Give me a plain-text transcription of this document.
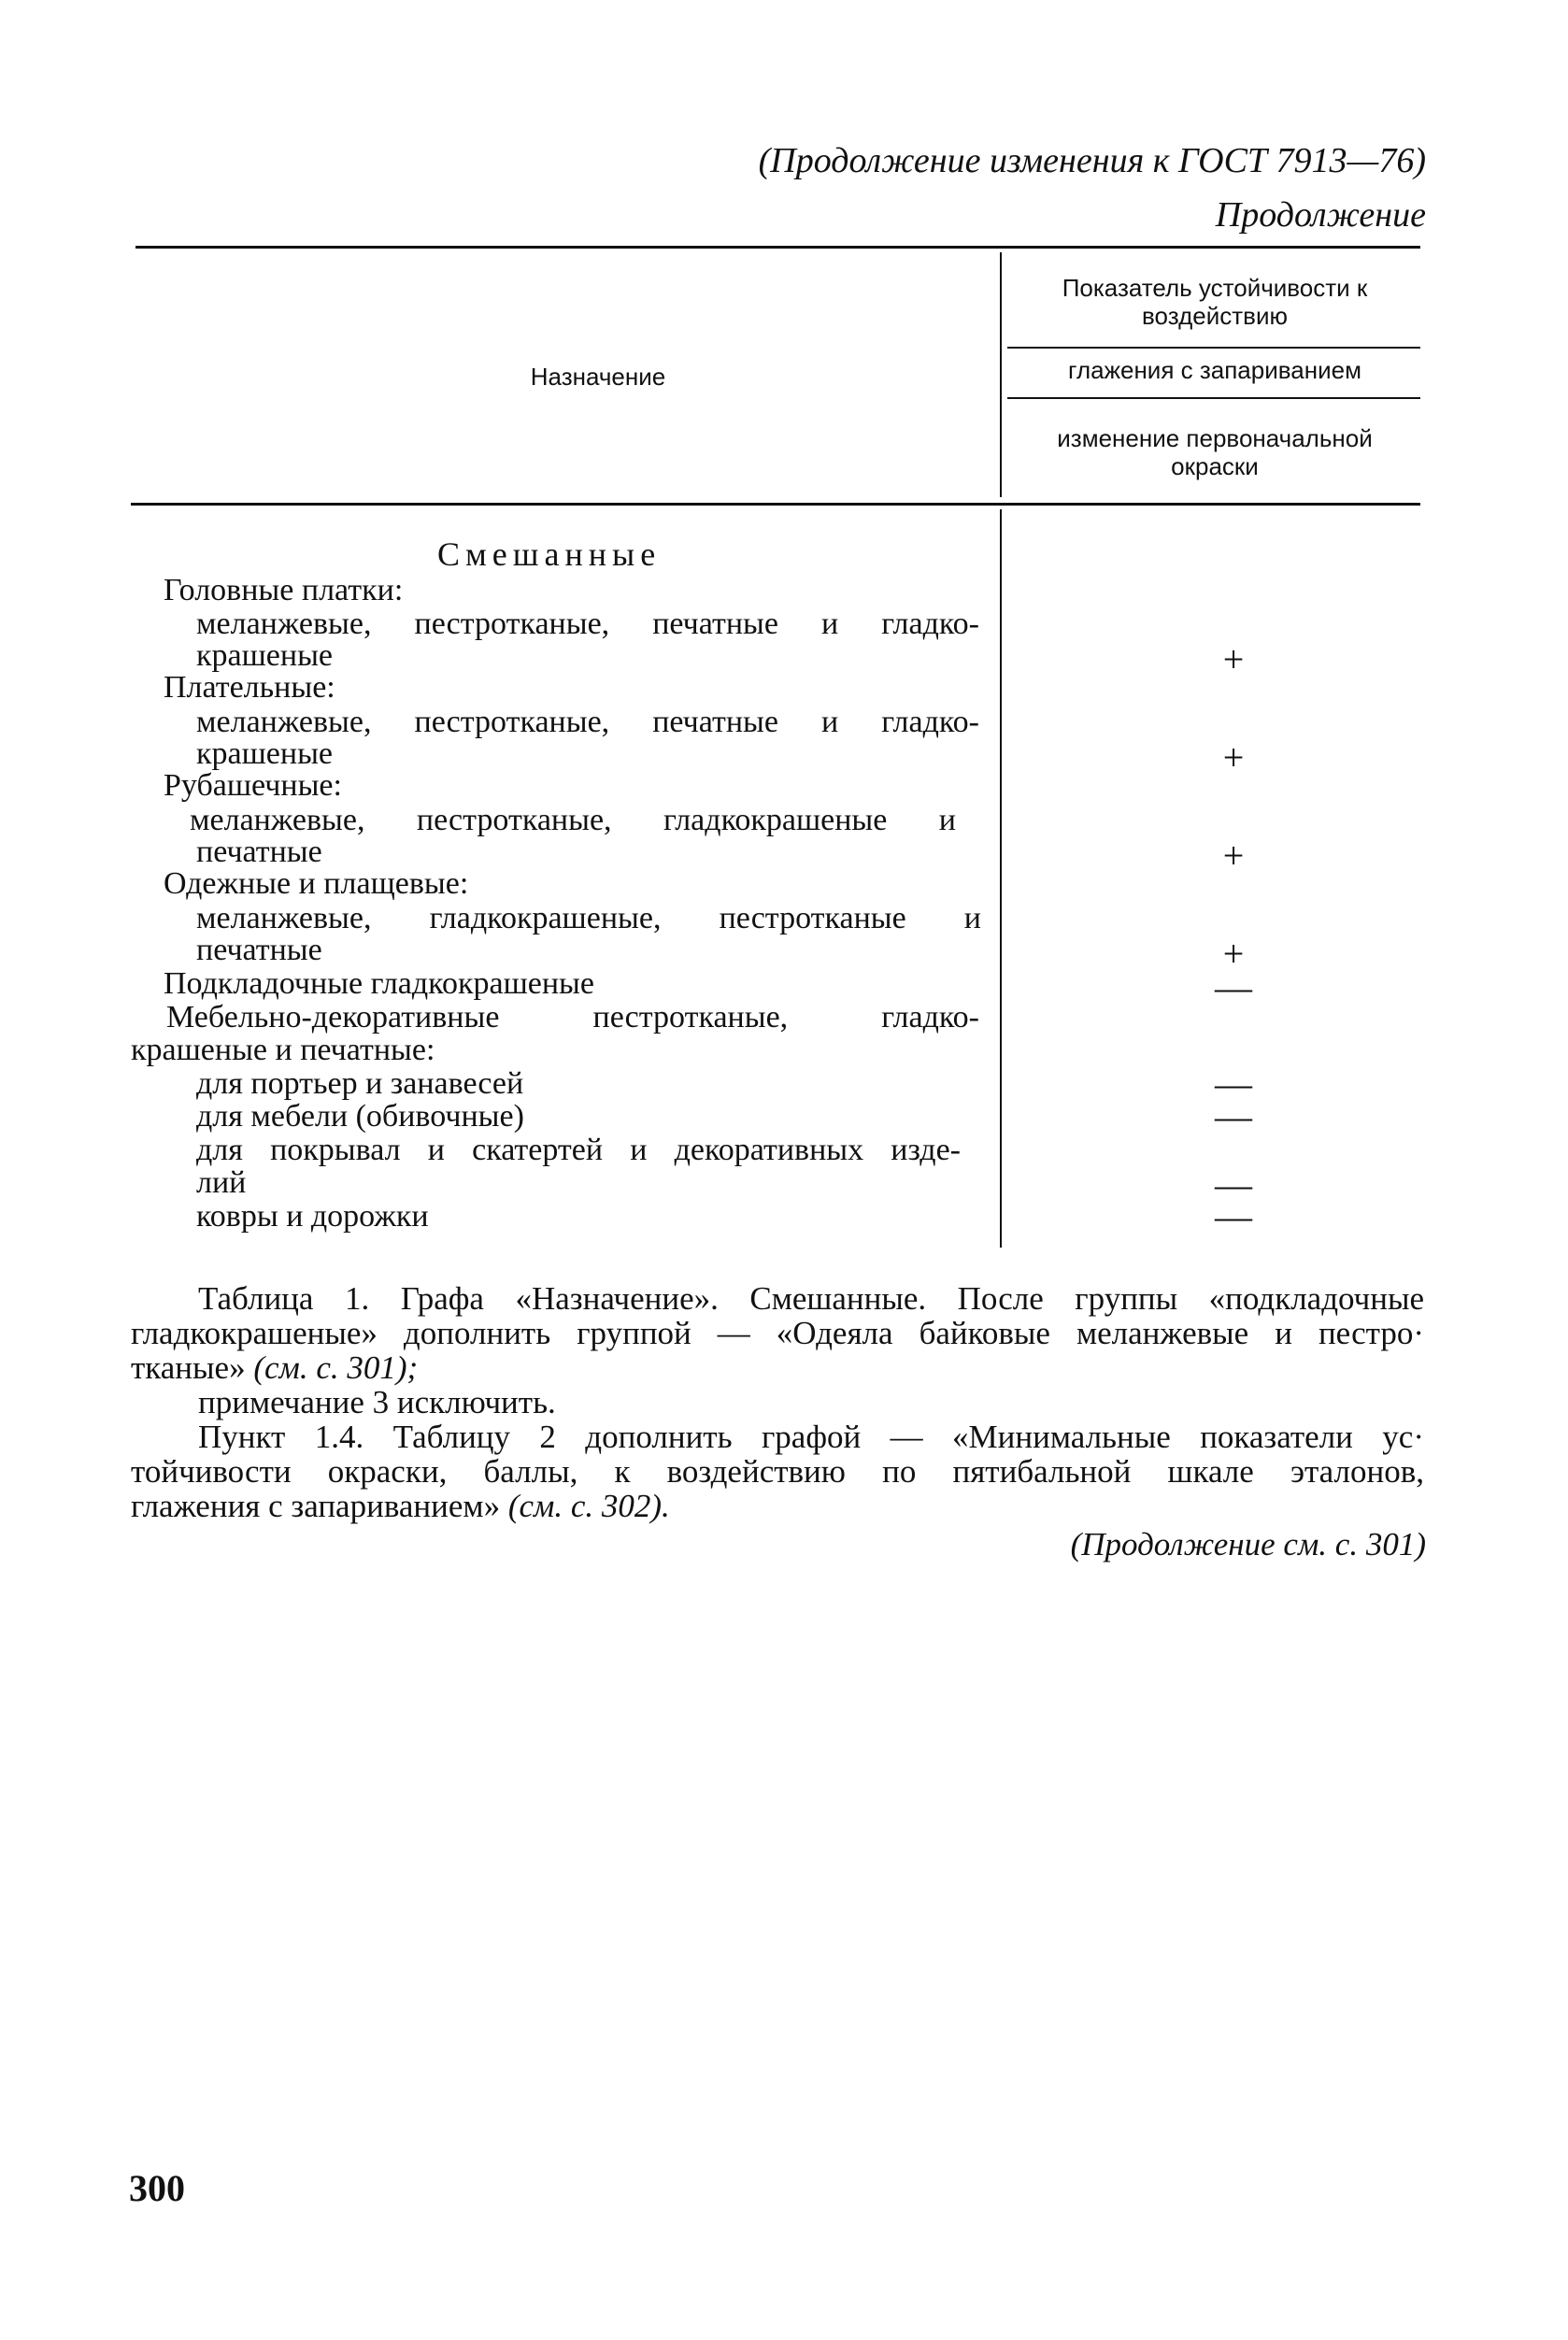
(Продолжение изменения к ГОСТ 7913—76)
Продолжение
Назначение
Показатель устойчивости к воздействию
глажения с запариванием
изменение первоначальной окраски
Смешанные
Головные платки:
меланжевые, пестротканые, печатные и гладко-
крашеные	+
Плательные:
меланжевые, пестротканые, печатные и гладко-
крашеные	+
Рубашечные:
меланжевые, пестротканые, гладкокрашеные и
печатные	+
Одежные и плащевые:
меланжевые, гладкокрашеные, пестротканые и
печатные	+
Подкладочные гладкокрашеные	—
Мебельно-декоративные пестротканые, гладко-
крашеные и печатные:
для портьер и занавесей	—
для мебели (обивочные)	—
для покрывал и скатертей и декоративных изде-
лий	—
ковры и дорожки	—
Таблица 1. Графа «Назначение». Смешанные. После группы «подкладочные
гладкокрашеные» дополнить группой — «Одеяла байковые меланжевые и пестро·
тканые» (см. с. 301);
примечание 3 исключить.
Пункт 1.4. Таблицу 2 дополнить графой — «Минимальные показатели ус·
тойчивости окраски, баллы, к воздействию по пятибальной шкале эталонов,
глажения с запариванием» (см. с. 302).
(Продолжение см. с. 301)
300
